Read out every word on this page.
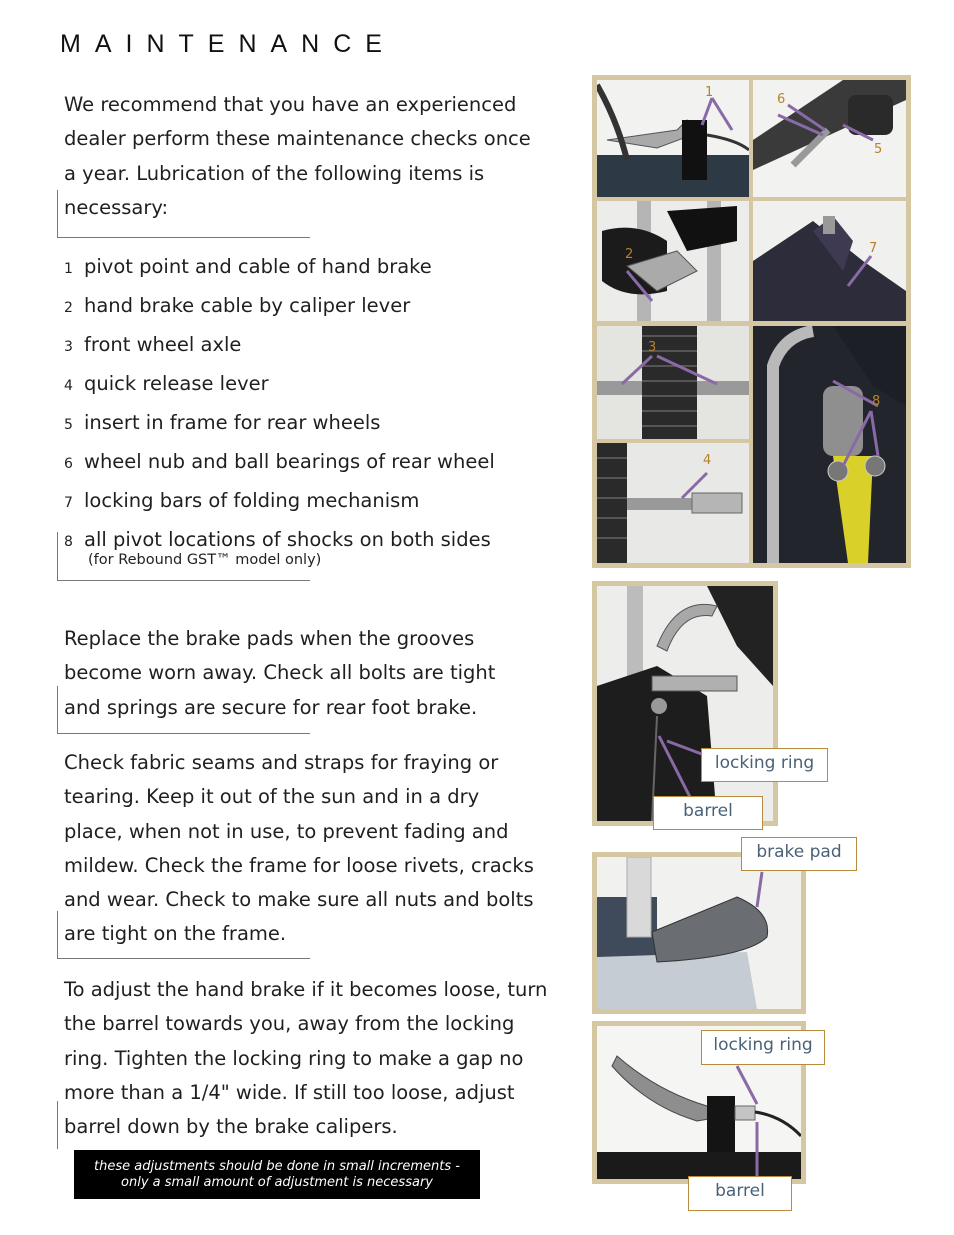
MAINTENANCE
We recommend that you have an experienced
dealer perform these maintenance checks once
a year. Lubrication of the following items is
necessary:
1 pivot point and cable of hand brake
2 hand brake cable by caliper lever
3 front wheel axle
4 quick release lever
5 insert in frame for rear wheels
6 wheel nub and ball bearings of rear wheel
7 locking bars of folding mechanism
8 all pivot locations of shocks on both sides
(for Rebound GST™ model only)
Replace the brake pads when the grooves
become worn away. Check all bolts are tight
and springs are secure for rear foot brake.
Check fabric seams and straps for fraying or
tearing. Keep it out of the sun and in a dry
place, when not in use, to prevent fading and
mildew. Check the frame for loose rivets, cracks
and wear. Check to make sure all nuts and bolts
are tight on the frame.
To adjust the hand brake if it becomes loose, turn
the barrel towards you, away from the locking
ring. Tighten the locking ring to make a gap no
more than a 1/4" wide. If still too loose, adjust
barrel down by the brake calipers.
these adjustments should be done in small increments -
only a small amount of adjustment is necessary
1	6
5
2	7
3
8
4
locking ring
barrel
brake pad
locking ring
barrel
